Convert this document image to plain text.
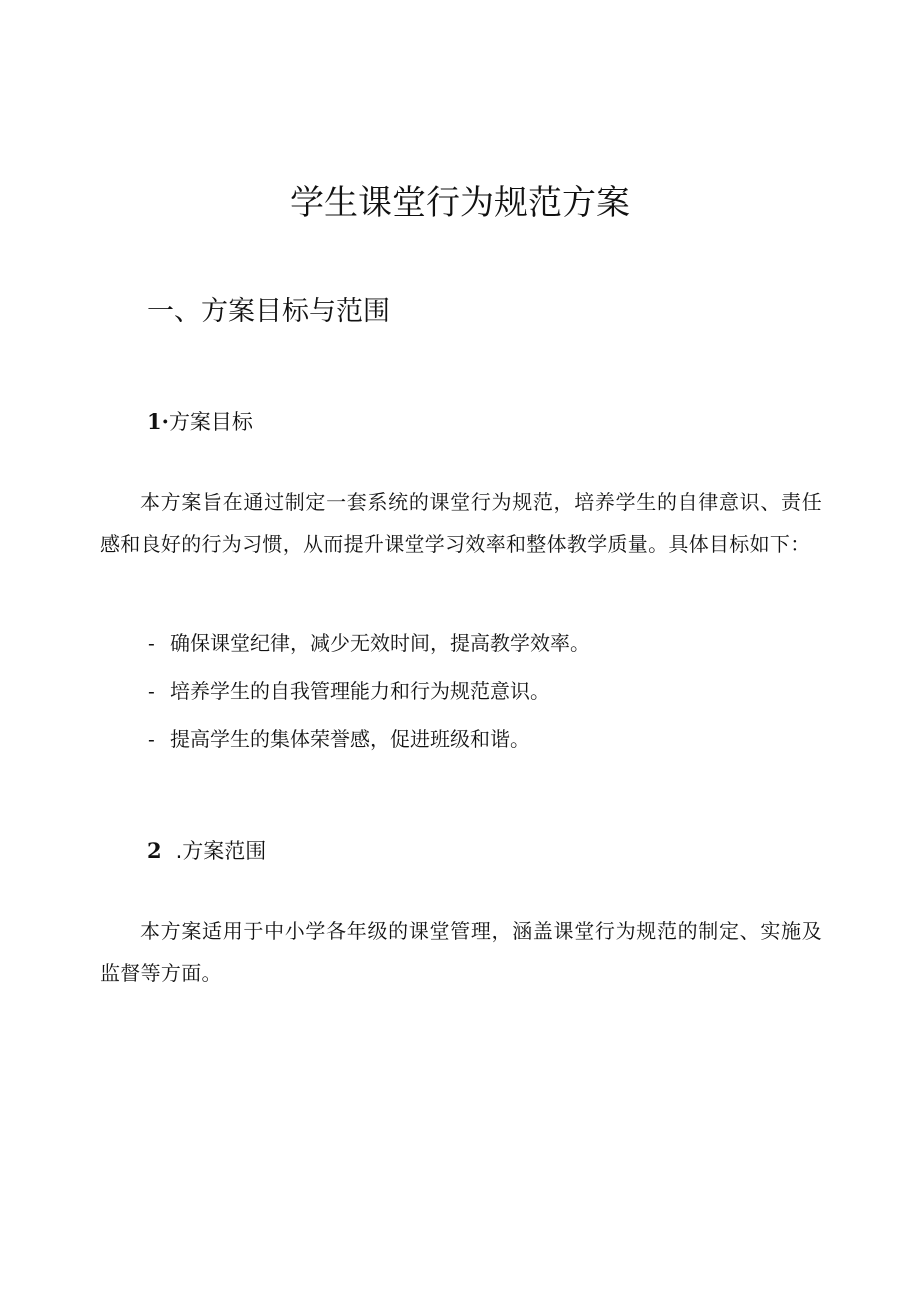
学生课堂行为规范方案
一、方案目标与范围
1·方案目标

本方案旨在通过制定一套系统的课堂行为规范，培养学生的自律意识、责任感和良好的行为习惯，从而提升课堂学习效率和整体教学质量。具体目标如下：

- 确保课堂纪律，减少无效时间，提高教学效率。
- 培养学生的自我管理能力和行为规范意识。
- 提高学生的集体荣誉感，促进班级和谐。
2 .方案范围

本方案适用于中小学各年级的课堂管理，涵盖课堂行为规范的制定、实施及监督等方面。
